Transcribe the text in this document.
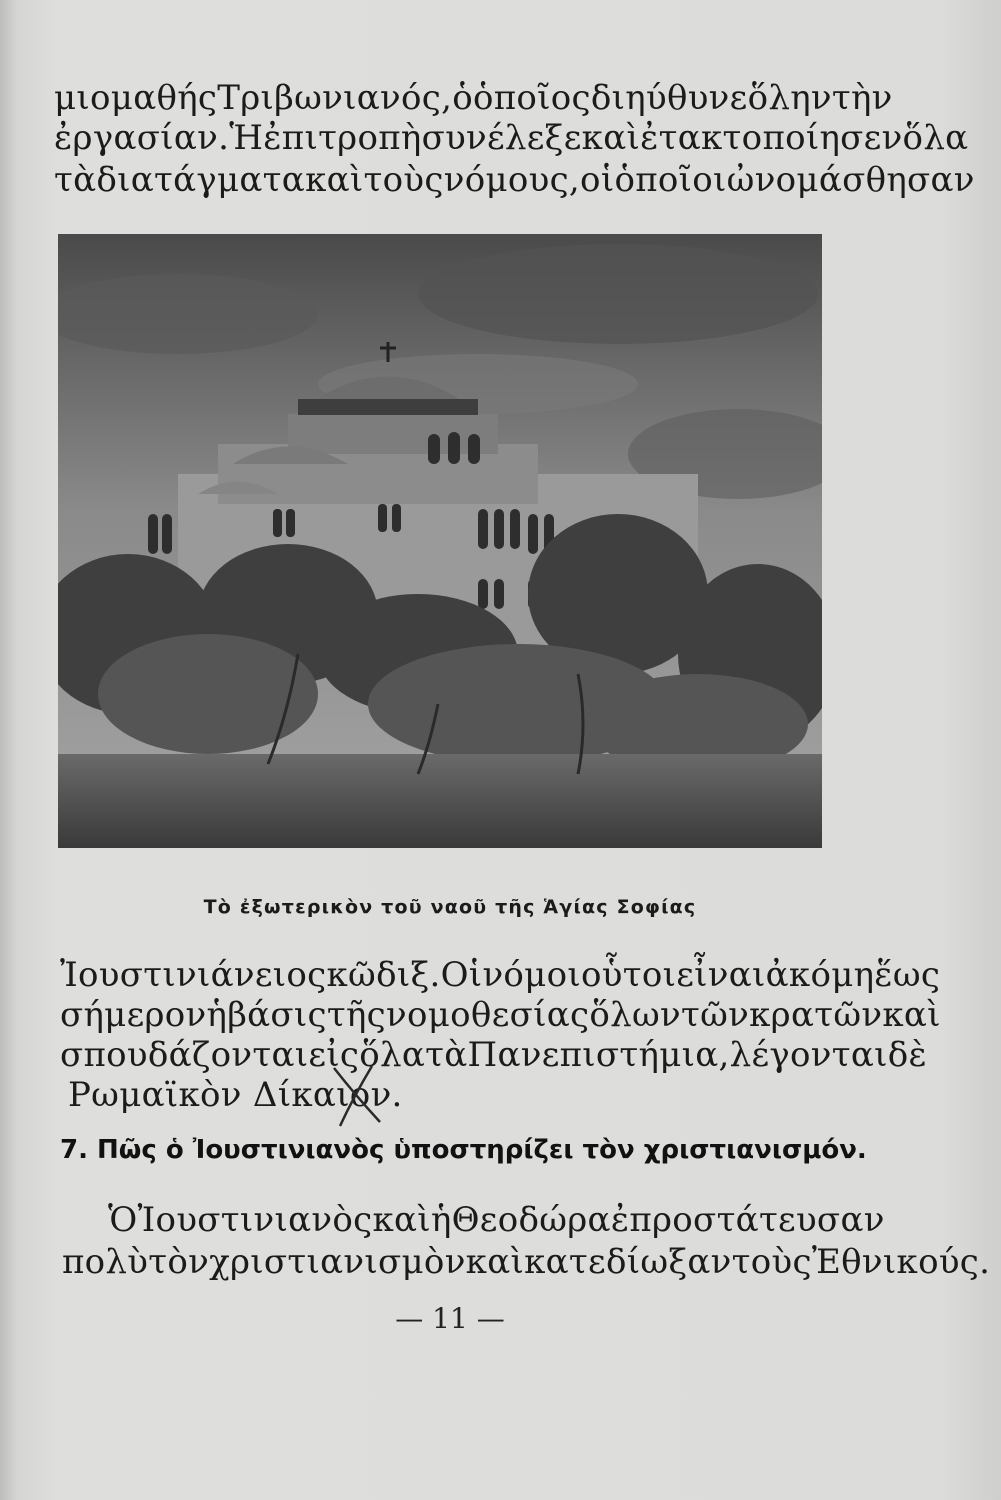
μιομαθής Τριβωνιανός, ὁ ὁποῖος διηύθυνε ὅλην τὴν
ἐργασίαν. Ἡ ἐπιτροπὴ συνέλεξε καὶ ἐτακτοποίησεν ὅλα
τὰ διατάγματα καὶ τοὺς νόμους, οἱ ὁποῖοι ὠνομάσθησαν
Τὸ ἐξωτερικὸν τοῦ ναοῦ τῆς Ἁγίας Σοφίας
Ἰουστινιάνειος κῶδιξ. Οἱ νόμοι οὗτοι εἶναι ἀκόμη ἕως
σήμερον ἡ βάσις τῆς νομοθεσίας ὅλων τῶν κρατῶν καὶ
σπουδάζονται εἰς ὅλα τὰ Πανεπιστήμια, λέγονται δὲ
Ρωμαϊκὸν Δίκαιον.
7. Πῶς ὁ Ἰουστινιανὸς ὑποστηρίζει τὸν χριστιανισμόν.
Ὁ Ἰουστινιανὸς καὶ ἡ Θεοδώρα ἐπροστάτευσαν
πολὺ τὸν χριστιανισμὸν καὶ κατεδίωξαν τοὺς Ἐθνικούς.
— 11 —
